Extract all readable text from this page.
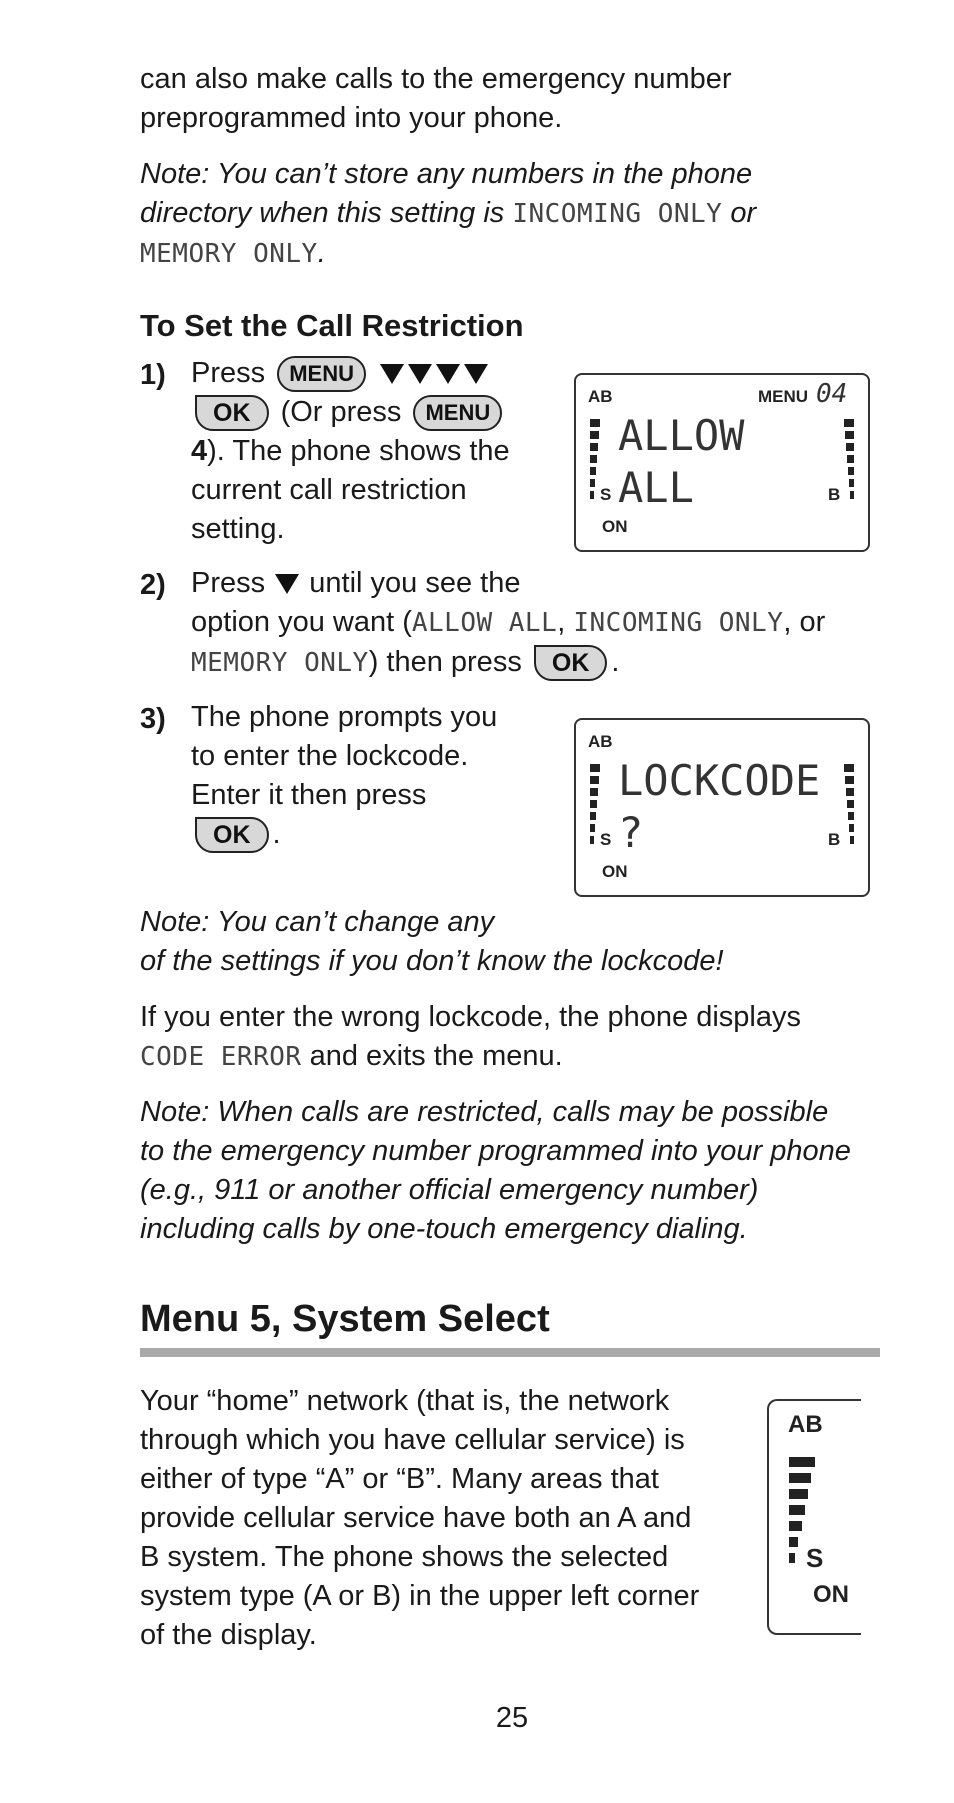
can also make calls to the emergency number
preprogrammed into your phone.
Note: You can’t store any numbers in the phone
directory when this setting is INCOMING ONLY or
MEMORY ONLY.
To Set the Call Restriction
1) Press MENU
OK (Or press MENU
4). The phone shows the
current call restriction
setting.
AB	MENU 04
ALLOW
ALL
S	B
ON
2) Press until you see the
option you want (ALLOW ALL, INCOMING ONLY, or
MEMORY ONLY) then press OK .
3) The phone prompts you
to enter the lockcode.
Enter it then press
OK .
AB
LOCKCODE
?
S	B
ON
Note: You can’t change any
of the settings if you don’t know the lockcode!
If you enter the wrong lockcode, the phone displays
CODE ERROR and exits the menu.
Note: When calls are restricted, calls may be possible
to the emergency number programmed into your phone
(e.g., 911 or another official emergency number)
including calls by one-touch emergency dialing.
Menu 5, System Select
Your “home” network (that is, the network
through which you have cellular service) is
either of type “A” or “B”. Many areas that
provide cellular service have both an A and
B system. The phone shows the selected
system type (A or B) in the upper left corner
of the display.
AB
S
ON
25
